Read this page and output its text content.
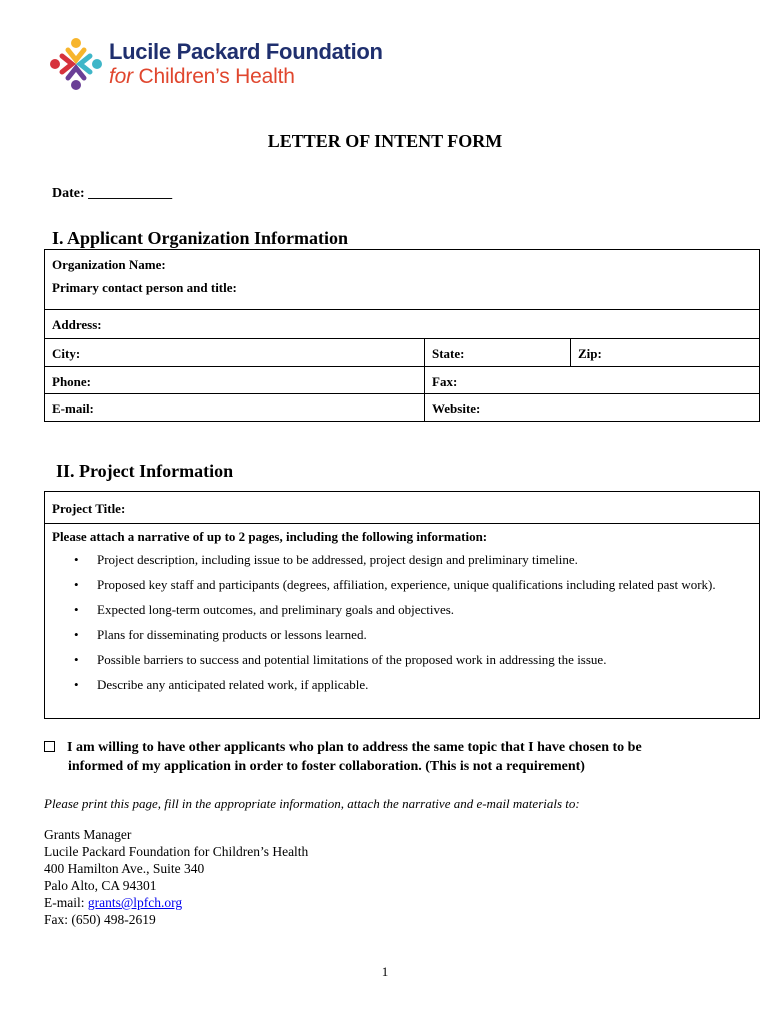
Lucile Packard Foundation
for Children’s Health
LETTER OF INTENT FORM
Date: ____________
I. Applicant Organization Information
Organization Name:
Primary contact person and title:
Address:
City:	State:	Zip:
Phone:	Fax:
E-mail:	Website:
II. Project Information
Project Title:
Please attach a narrative of up to 2 pages, including the following information:
• Project description, including issue to be addressed, project design and preliminary timeline.
• Proposed key staff and participants (degrees, affiliation, experience, unique qualifications including related past work).
• Expected long-term outcomes, and preliminary goals and objectives.
• Plans for disseminating products or lessons learned.
• Possible barriers to success and potential limitations of the proposed work in addressing the issue.
• Describe any anticipated related work, if applicable.
I am willing to have other applicants who plan to address the same topic that I have chosen to be
informed of my application in order to foster collaboration. (This is not a requirement)
Please print this page, fill in the appropriate information, attach the narrative and e-mail materials to:
Grants Manager
Lucile Packard Foundation for Children’s Health
400 Hamilton Ave., Suite 340
Palo Alto, CA 94301
E-mail: grants@lpfch.org
Fax: (650) 498-2619
1
